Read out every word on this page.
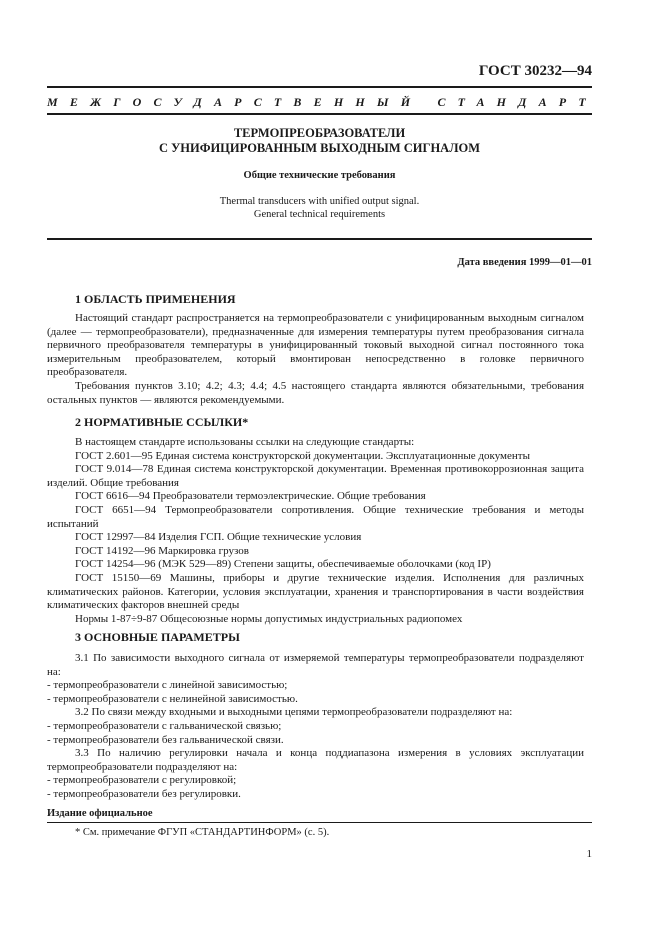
ГОСТ 30232—94
МЕЖГОСУДАРСТВЕННЫЙ СТАНДАРТ
ТЕРМОПРЕОБРАЗОВАТЕЛИ
С УНИФИЦИРОВАННЫМ ВЫХОДНЫМ СИГНАЛОМ
Общие технические требования
Thermal transducers with unified output signal.
General technical requirements
Дата введения 1999—01—01
1 ОБЛАСТЬ ПРИМЕНЕНИЯ

Настоящий стандарт распространяется на термопреобразователи с унифицированным выходным сигналом (далее — термопреобразователи), предназначенные для измерения температуры путем преобразования сигнала первичного преобразователя температуры в унифицированный токовый выходной сигнал постоянного тока измерительным преобразователем, который вмонтирован непосредственно в головке первичного преобразователя.

Требования пунктов 3.10; 4.2; 4.3; 4.4; 4.5 настоящего стандарта являются обязательными, требования остальных пунктов — являются рекомендуемыми.

2 НОРМАТИВНЫЕ ССЫЛКИ*

В настоящем стандарте использованы ссылки на следующие стандарты:

ГОСТ 2.601—95 Единая система конструкторской документации. Эксплуатационные документы

ГОСТ 9.014—78 Единая система конструкторской документации. Временная противокоррозионная защита изделий. Общие требования

ГОСТ 6616—94 Преобразователи термоэлектрические. Общие требования

ГОСТ 6651—94 Термопреобразователи сопротивления. Общие технические требования и методы испытаний

ГОСТ 12997—84 Изделия ГСП. Общие технические условия

ГОСТ 14192—96 Маркировка грузов

ГОСТ 14254—96 (МЭК 529—89) Степени защиты, обеспечиваемые оболочками (код IP)

ГОСТ 15150—69 Машины, приборы и другие технические изделия. Исполнения для различных климатических районов. Категории, условия эксплуатации, хранения и транспортирования в части воздействия климатических факторов внешней среды

Нормы 1-87÷9-87 Общесоюзные нормы допустимых индустриальных радиопомех

3 ОСНОВНЫЕ ПАРАМЕТРЫ

3.1 По зависимости выходного сигнала от измеряемой температуры термопреобразователи подразделяют на:

- термопреобразователи с линейной зависимостью;

- термопреобразователи с нелинейной зависимостью.

3.2 По связи между входными и выходными цепями термопреобразователи подразделяют на:

- термопреобразователи с гальванической связью;

- термопреобразователи без гальванической связи.

3.3 По наличию регулировки начала и конца поддиапазона измерения в условиях эксплуатации термопреобразователи подразделяют на:

- термопреобразователи с регулировкой;

- термопреобразователи без регулировки.

Издание официальное
* См. примечание ФГУП «СТАНДАРТИНФОРМ» (с. 5).
1
